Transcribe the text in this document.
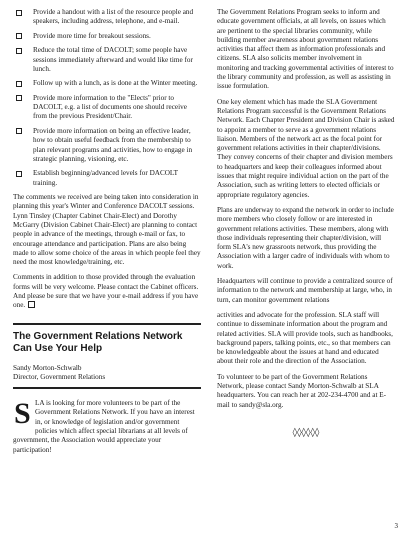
Provide a handout with a list of the resource people and speakers, including address, telephone, and e-mail.
Provide more time for breakout sessions.
Reduce the total time of DACOLT; some people have sessions immediately afterward and would like time for lunch.
Follow up with a lunch, as is done at the Winter meeting.
Provide more information to the "Elects" prior to DACOLT, e.g. a list of documents one should receive from the previous President/Chair.
Provide more information on being an effective leader, how to obtain useful feedback from the membership to plan relevant programs and activities, how to engage in strategic planning, visioning, etc.
Establish beginning/advanced levels for DACOLT training.

The comments we received are being taken into consideration in planning this year's Winter and Conference DACOLT sessions. Lynn Tinsley (Chapter Cabinet Chair-Elect) and Dorothy McGarry (Division Cabinet Chair-Elect) are planning to contact people in advance of the meetings, through e-mail or fax, to encourage attendance and participation. Plans are also being made to allow some choice of the areas in which people feel they need the most knowledge/training, etc.

Comments in addition to those provided through the evaluation forms will be very welcome. Please contact the Cabinet officers. And please be sure that we have your e-mail address if you have one.

The Government Relations Network Can Use Your Help

Sandy Morton-Schwalb

Director, Government Relations

S LA is looking for more volunteers to be part of the Government Relations Network. If you have an interest in, or knowledge of legislation and/or government policies which affect special librarians at all levels of government, the Association would appreciate your participation!

The Government Relations Program seeks to inform and educate government officials, at all levels, on issues which are pertinent to the special libraries community, while building member awareness about government relations activities that affect them as information professionals and citizens. SLA also solicits member involvement in monitoring and tracking governmental activities of interest to the library community and profession, as well as assisting in issue formulation.

One key element which has made the SLA Government Relations Program successful is the Government Relations Network. Each Chapter President and Division Chair is asked to appoint a member to serve as a government relations liaison. Members of the network act as the focal point for government relations activities in their chapter/divisions. They convey concerns of their chapter and division members to headquarters and keep their colleagues informed about issues that might require individual action on the part of the Association, such as writing letters to elected officials or appropriate regulatory agencies.

Plans are underway to expand the network in order to include more members who closely follow or are interested in government relations activities. These members, along with those individuals representing their chapter/division, will form SLA's new grassroots network, thus providing the Association with a larger cadre of individuals with whom to work.

Headquarters will continue to provide a centralized source of information to the network and membership at large, who, in turn, can monitor government relations

activities and advocate for the profession. SLA staff will continue to disseminate information about the program and related activities. SLA will provide tools, such as handbooks, background papers, talking points, etc., so that members can be knowledgeable about the issues at hand and educated about their role and the direction of the Association.

To volunteer to be part of the Government Relations Network, please contact Sandy Morton-Schwalb at SLA headquarters. You can reach her at 202-234-4700 and at E-mail to sandy@sla.org.

◊◊◊◊◊◊
3
